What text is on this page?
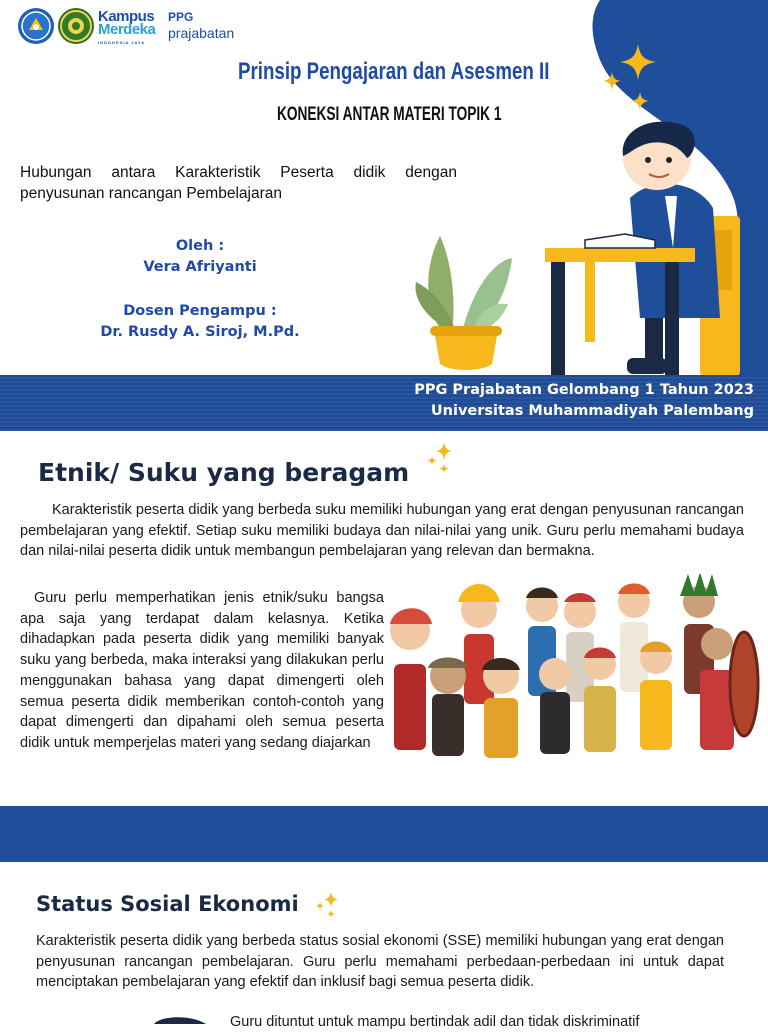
Kampus
Merdeka
INDONESIA JAYA
PPG
prajabatan
Prinsip Pengajaran dan Asesmen II
KONEKSI ANTAR MATERI TOPIK 1
Hubungan antara Karakteristik Peserta didik dengan penyusunan rancangan Pembelajaran
Oleh :
Vera Afriyanti
Dosen Pengampu :
Dr. Rusdy A. Siroj, M.Pd.
PPG Prajabatan Gelombang 1 Tahun 2023
Universitas Muhammadiyah Palembang
Etnik/ Suku yang beragam

Karakteristik peserta didik yang berbeda suku memiliki hubungan yang erat dengan penyusunan rancangan pembelajaran yang efektif. Setiap suku memiliki budaya dan nilai-nilai yang unik. Guru perlu memahami budaya dan nilai-nilai peserta didik untuk membangun pembelajaran yang relevan dan bermakna.

Guru perlu memperhatikan jenis etnik/suku bangsa apa saja yang terdapat dalam kelasnya. Ketika dihadapkan pada peserta didik yang memiliki banyak suku yang berbeda, maka interaksi yang dilakukan perlu menggunakan bahasa yang dapat dimengerti oleh semua peserta didik memberikan contoh-contoh yang dapat dimengerti dan dipahami oleh semua peserta didik untuk memperjelas materi yang sedang diajarkan

Status Sosial Ekonomi

Karakteristik peserta didik yang berbeda status sosial ekonomi (SSE) memiliki hubungan yang erat dengan penyusunan rancangan pembelajaran. Guru perlu memahami perbedaan-perbedaan ini untuk dapat menciptakan pembelajaran yang efektif dan inklusif bagi semua peserta didik.

Guru dituntut untuk mampu bertindak adil dan tidak diskriminatif
